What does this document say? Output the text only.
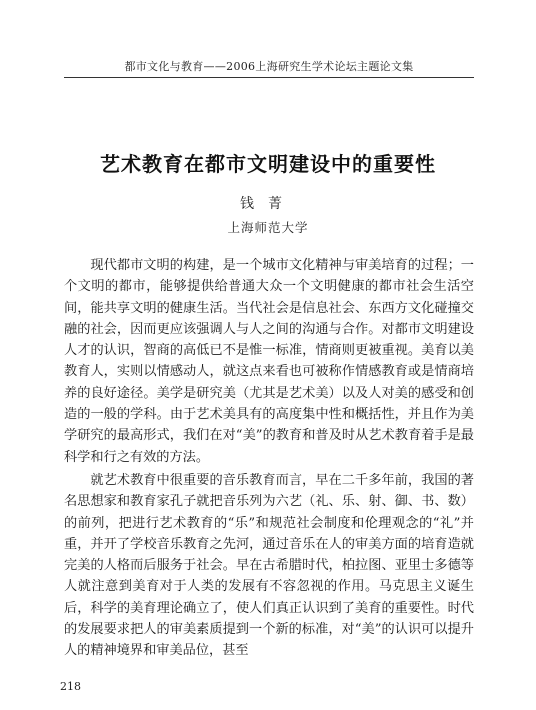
都市文化与教育——2006上海研究生学术论坛主题论文集
艺术教育在都市文明建设中的重要性
钱菁
上海师范大学

现代都市文明的构建，是一个城市文化精神与审美培育的过程；一个文明的都市，能够提供给普通大众一个文明健康的都市社会生活空间，能共享文明的健康生活。当代社会是信息社会、东西方文化碰撞交融的社会，因而更应该强调人与人之间的沟通与合作。对都市文明建设人才的认识，智商的高低已不是惟一标准，情商则更被重视。美育以美教育人，实则以情感动人，就这点来看也可被称作情感教育或是情商培养的良好途径。美学是研究美（尤其是艺术美）以及人对美的感受和创造的一般的学科。由于艺术美具有的高度集中性和概括性，并且作为美学研究的最高形式，我们在对“美”的教育和普及时从艺术教育着手是最科学和行之有效的方法。

就艺术教育中很重要的音乐教育而言，早在二千多年前，我国的著名思想家和教育家孔子就把音乐列为六艺（礼、乐、射、御、书、数）的前列，把进行艺术教育的“乐”和规范社会制度和伦理观念的“礼”并重，并开了学校音乐教育之先河，通过音乐在人的审美方面的培育造就完美的人格而后服务于社会。早在古希腊时代，柏拉图、亚里士多德等人就注意到美育对于人类的发展有不容忽视的作用。马克思主义诞生后，科学的美育理论确立了，使人们真正认识到了美育的重要性。时代的发展要求把人的审美素质提到一个新的标准，对“美”的认识可以提升人的精神境界和审美品位，甚至

218
